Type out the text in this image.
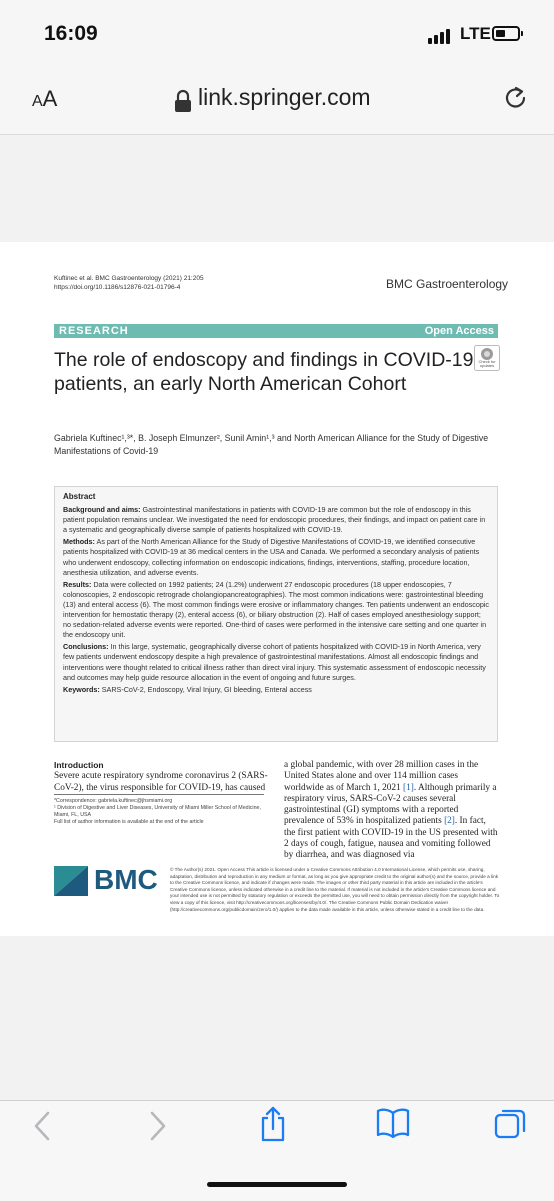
16:09	LTE
AA	link.springer.com
Kuftinec et al. BMC Gastroenterology (2021) 21:205
https://doi.org/10.1186/s12876-021-01796-4	BMC Gastroenterology
RESEARCH	Open Access
The role of endoscopy and findings in COVID-19 patients, an early North American Cohort
Check for updates
Gabriela Kuftinec¹,³*, B. Joseph Elmunzer², Sunil Amin¹,³ and North American Alliance for the Study of Digestive Manifestations of Covid-19

Abstract

Background and aims: Gastrointestinal manifestations in patients with COVID-19 are common but the role of endoscopy in this patient population remains unclear. We investigated the need for endoscopic procedures, their findings, and impact on patient care in a systematic and geographically diverse sample of patients hospitalized with COVID-19.

Methods: As part of the North American Alliance for the Study of Digestive Manifestations of COVID-19, we identified consecutive patients hospitalized with COVID-19 at 36 medical centers in the USA and Canada. We performed a secondary analysis of patients who underwent endoscopy, collecting information on endoscopic indications, findings, interventions, staffing, procedure location, anesthesia utilization, and adverse events.

Results: Data were collected on 1992 patients; 24 (1.2%) underwent 27 endoscopic procedures (18 upper endoscopies, 7 colonoscopies, 2 endoscopic retrograde cholangiopancreatographies). The most common indications were: gastrointestinal bleeding (13) and enteral access (6). The most common findings were erosive or inflammatory changes. Ten patients underwent an endoscopic intervention for hemostatic therapy (2), enteral access (6), or biliary obstruction (2). Half of cases employed anesthesiology support; no sedation-related adverse events were reported. One-third of cases were performed in the intensive care setting and one quarter in the endoscopy unit.

Conclusions: In this large, systematic, geographically diverse cohort of patients hospitalized with COVID-19 in North America, very few patients underwent endoscopy despite a high prevalence of gastrointestinal manifestations. Almost all endoscopic findings and interventions were thought related to critical illness rather than direct viral injury. This systematic assessment of endoscopic necessity and outcomes may help guide resource allocation in the event of ongoing and future surges.

Keywords: SARS-CoV-2, Endoscopy, Viral Injury, GI bleeding, Enteral access

Introduction
Severe acute respiratory syndrome coronavirus 2 (SARS-CoV-2), the virus responsible for COVID-19, has caused
a global pandemic, with over 28 million cases in the United States alone and over 114 million cases worldwide as of March 1, 2021 [1]. Although primarily a respiratory virus, SARS-CoV-2 causes several gastrointestinal (GI) symptoms with a reported prevalence of 53% in hospitalized patients [2]. In fact, the first patient with COVID-19 in the US presented with 2 days of cough, fatigue, nausea and vomiting followed by diarrhea, and was diagnosed via
*Correspondence: gabriela.kuftinec@jhsmiami.org
¹ Division of Digestive and Liver Diseases, University of Miami Miller School of Medicine, Miami, FL, USA
Full list of author information is available at the end of the article
BMC	© The Author(s) 2021. Open Access This article is licensed under a Creative Commons Attribution 4.0 International License, which permits use, sharing, adaptation, distribution and reproduction in any medium or format, as long as you give appropriate credit to the original author(s) and the source, provide a link to the Creative Commons licence, and indicate if changes were made. The images or other third party material in this article are included in the article's Creative Commons licence, unless indicated otherwise in a credit line to the material. If material is not included in the article's Creative Commons licence and your intended use is not permitted by statutory regulation or exceeds the permitted use, you will need to obtain permission directly from the copyright holder. To view a copy of this licence, visit http://creativecommons.org/licenses/by/4.0/. The Creative Commons Public Domain Dedication waiver (http://creativecommons.org/publicdomain/zero/1.0/) applies to the data made available in this article, unless otherwise stated in a credit line to the data.
